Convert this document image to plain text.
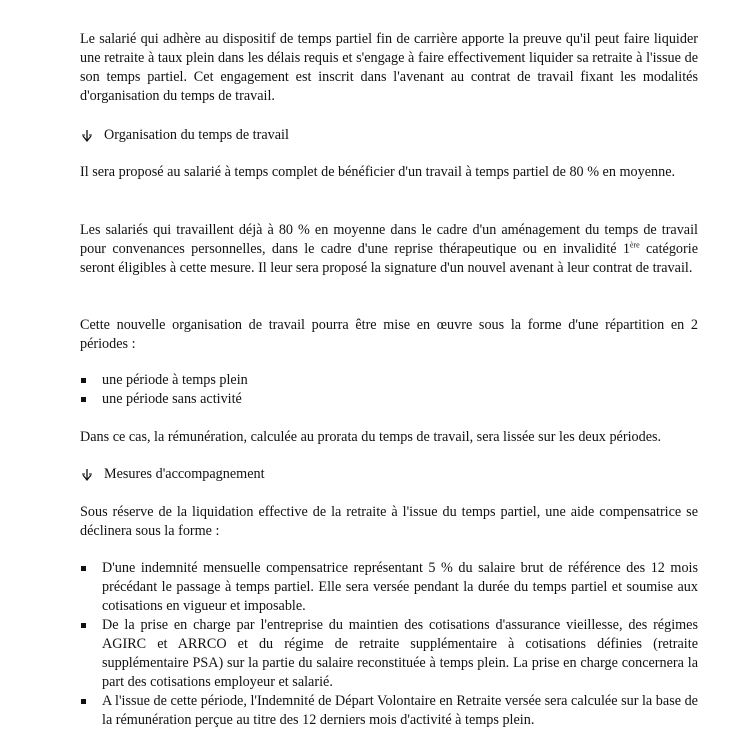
Le salarié qui adhère au dispositif de temps partiel fin de carrière apporte la preuve qu'il peut faire liquider une retraite à taux plein dans les délais requis et s'engage à faire effectivement liquider sa retraite à l'issue de son temps partiel. Cet engagement est inscrit dans l'avenant au contrat de travail fixant les modalités d'organisation du temps de travail.

Organisation du temps de travail

Il sera proposé au salarié à temps complet de bénéficier d'un travail à temps partiel de 80 % en moyenne.

Les salariés qui travaillent déjà à 80 % en moyenne dans le cadre d'un aménagement du temps de travail pour convenances personnelles, dans le cadre d'une reprise thérapeutique ou en invalidité 1ère catégorie seront éligibles à cette mesure. Il leur sera proposé la signature d'un nouvel avenant à leur contrat de travail.

Cette nouvelle organisation de travail pourra être mise en œuvre sous la forme d'une répartition en 2 périodes :

une période à temps plein
une période sans activité

Dans ce cas, la rémunération, calculée au prorata du temps de travail, sera lissée sur les deux périodes.

Mesures d'accompagnement

Sous réserve de la liquidation effective de la retraite à l'issue du temps partiel, une aide compensatrice se déclinera sous la forme :

D'une indemnité mensuelle compensatrice représentant 5 % du salaire brut de référence des 12 mois précédant le passage à temps partiel. Elle sera versée pendant la durée du temps partiel et soumise aux cotisations en vigueur et imposable.
De la prise en charge par l'entreprise du maintien des cotisations d'assurance vieillesse, des régimes AGIRC et ARRCO et du régime de retraite supplémentaire à cotisations définies (retraite supplémentaire PSA) sur la partie du salaire reconstituée à temps plein. La prise en charge concernera la part des cotisations employeur et salarié.
A l'issue de cette période, l'Indemnité de Départ Volontaire en Retraite versée sera calculée sur la base de la rémunération perçue au titre des 12 derniers mois d'activité à temps plein.
